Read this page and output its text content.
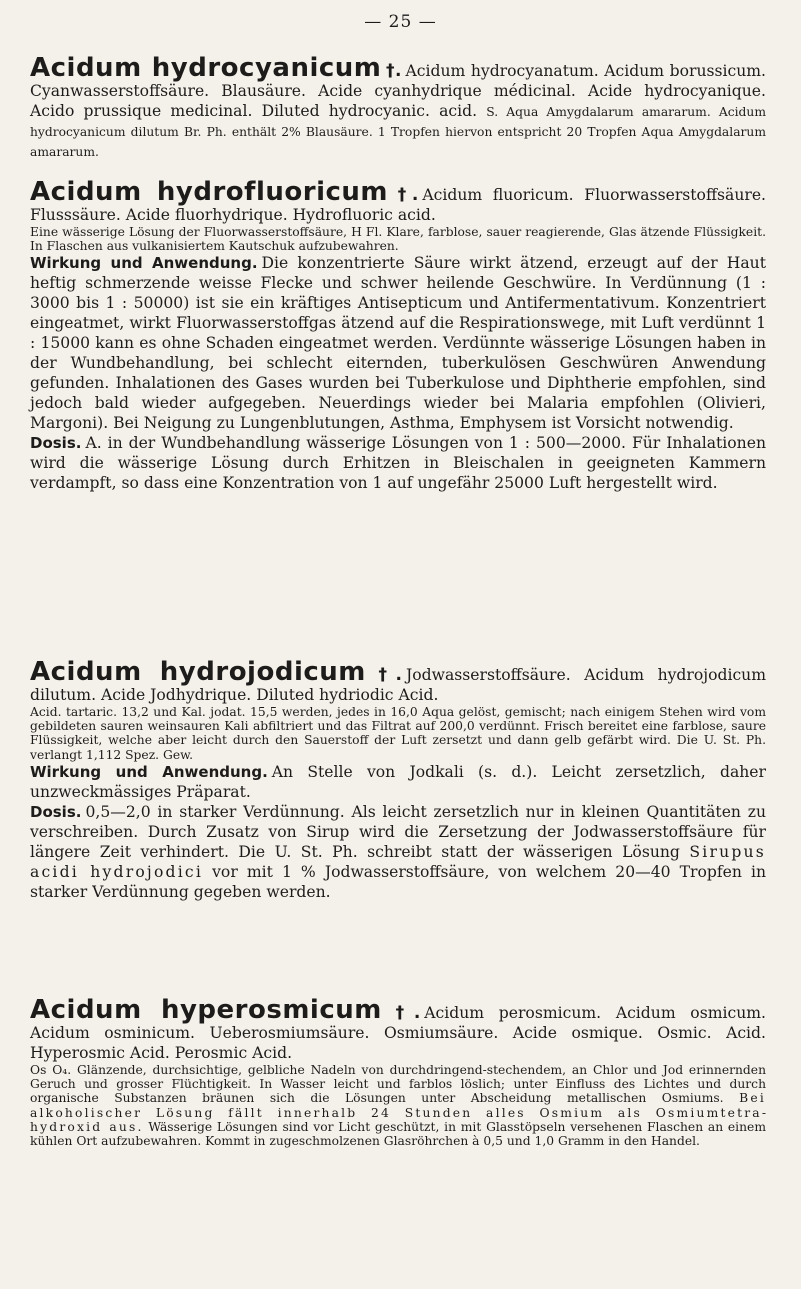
— 25 —

Acidum hydrocyanicum †. Acidum hydrocyanatum. Acidum borussicum. Cyanwasserstoffsäure. Blausäure. Acide cyanhydrique médicinal. Acide hydrocyanique. Acido prussique medicinal. Diluted hydrocyanic. acid. S. Aqua Amygdalarum amararum. Acidum hydrocyanicum dilutum Br. Ph. enthält 2% Blausäure. 1 Tropfen hiervon entspricht 20 Tropfen Aqua Amygdalarum amararum.

Acidum hydrofluoricum †. Acidum fluoricum. Fluorwasserstoffsäure. Flusssäure. Acide fluorhydrique. Hydrofluoric acid.

Eine wässerige Lösung der Fluorwasserstoffsäure, H Fl. Klare, farblose, sauer reagierende, Glas ätzende Flüssigkeit. In Flaschen aus vulkanisiertem Kautschuk aufzubewahren.

Wirkung und Anwendung. Die konzentrierte Säure wirkt ätzend, erzeugt auf der Haut heftig schmerzende weisse Flecke und schwer heilende Geschwüre. In Verdünnung (1 : 3000 bis 1 : 50000) ist sie ein kräftiges Antisepticum und Antifermentativum. Konzentriert eingeatmet, wirkt Fluorwasserstoffgas ätzend auf die Respirationswege, mit Luft verdünnt 1 : 15000 kann es ohne Schaden eingeatmet werden. Verdünnte wässerige Lösungen haben in der Wundbehandlung, bei schlecht eiternden, tuberkulösen Geschwüren Anwendung gefunden. Inhalationen des Gases wurden bei Tuberkulose und Diphtherie empfohlen, sind jedoch bald wieder aufgegeben. Neuerdings wieder bei Malaria empfohlen (Olivieri, Margoni). Bei Neigung zu Lungenblutungen, Asthma, Emphysem ist Vorsicht notwendig.

Dosis. A. in der Wundbehandlung wässerige Lösungen von 1 : 500—2000. Für Inhalationen wird die wässerige Lösung durch Erhitzen in Bleischalen in geeigneten Kammern verdampft, so dass eine Konzentration von 1 auf ungefähr 25000 Luft hergestellt wird.

Acidum hydrojodicum †. Jodwasserstoffsäure. Acidum hydrojodicum dilutum. Acide Jodhydrique. Diluted hydriodic Acid.

Acid. tartaric. 13,2 und Kal. jodat. 15,5 werden, jedes in 16,0 Aqua gelöst, gemischt; nach einigem Stehen wird vom gebildeten sauren weinsauren Kali abfiltriert und das Filtrat auf 200,0 verdünnt. Frisch bereitet eine farblose, saure Flüssigkeit, welche aber leicht durch den Sauerstoff der Luft zersetzt und dann gelb gefärbt wird. Die U. St. Ph. verlangt 1,112 Spez. Gew.

Wirkung und Anwendung. An Stelle von Jodkali (s. d.). Leicht zersetzlich, daher unzweckmässiges Präparat.

Dosis. 0,5—2,0 in starker Verdünnung. Als leicht zersetzlich nur in kleinen Quantitäten zu verschreiben. Durch Zusatz von Sirup wird die Zersetzung der Jodwasserstoffsäure für längere Zeit verhindert. Die U. St. Ph. schreibt statt der wässerigen Lösung Sirupus acidi hydrojodici vor mit 1 % Jodwasserstoffsäure, von welchem 20—40 Tropfen in starker Verdünnung gegeben werden.

Acidum hyperosmicum †. Acidum perosmicum. Acidum osmicum. Acidum osminicum. Ueberosmiumsäure. Osmiumsäure. Acide osmique. Osmic. Acid. Hyperosmic Acid. Perosmic Acid.

Os O₄. Glänzende, durchsichtige, gelbliche Nadeln von durchdringend-stechendem, an Chlor und Jod erinnernden Geruch und grosser Flüchtigkeit. In Wasser leicht und farblos löslich; unter Einfluss des Lichtes und durch organische Substanzen bräunen sich die Lösungen unter Abscheidung metallischen Osmiums. Bei alkoholischer Lösung fällt innerhalb 24 Stunden alles Osmium als Osmiumtetrahydroxid aus. Wässerige Lösungen sind vor Licht geschützt, in mit Glasstöpseln versehenen Flaschen an einem kühlen Ort aufzubewahren. Kommt in zugeschmolzenen Glasröhrchen à 0,5 und 1,0 Gramm in den Handel.
